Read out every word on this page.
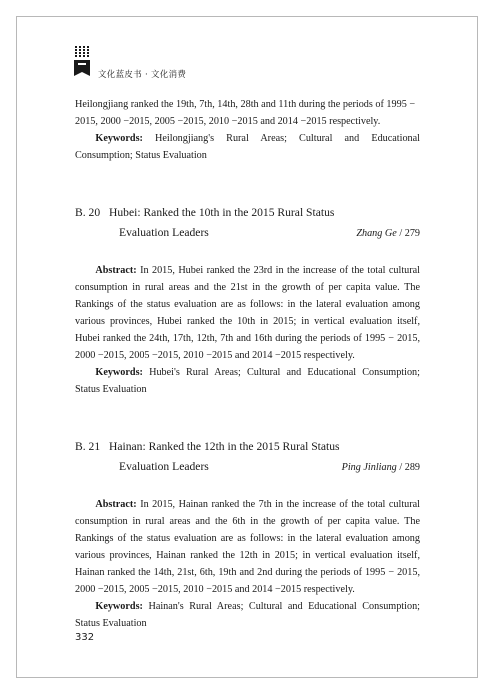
文化蓝皮书 · 文化消费

Heilongjiang ranked the 19th, 7th, 14th, 28th and 11th during the periods of 1995 −
2015, 2000 −2015, 2005 −2015, 2010 −2015 and 2014 −2015 respectively.

Keywords: Heilongjiang's Rural Areas; Cultural and Educational Consumption; Status Evaluation

B. 20 Hubei: Ranked the 10th in the 2015 Rural Status

Evaluation Leaders	Zhang Ge / 279

Abstract: In 2015, Hubei ranked the 23rd in the increase of the total cultural consumption in rural areas and the 21st in the growth of per capita value. The Rankings of the status evaluation are as follows: in the lateral evaluation among various provinces, Hubei ranked the 10th in 2015; in vertical evaluation itself, Hubei ranked the 24th, 17th, 12th, 7th and 16th during the periods of 1995 − 2015, 2000 −2015, 2005 −2015, 2010 −2015 and 2014 −2015 respectively.

Keywords: Hubei's Rural Areas; Cultural and Educational Consumption; Status Evaluation

B. 21 Hainan: Ranked the 12th in the 2015 Rural Status

Evaluation Leaders	Ping Jinliang / 289

Abstract: In 2015, Hainan ranked the 7th in the increase of the total cultural consumption in rural areas and the 6th in the growth of per capita value. The Rankings of the status evaluation are as follows: in the lateral evaluation among various provinces, Hainan ranked the 12th in 2015; in vertical evaluation itself, Hainan ranked the 14th, 21st, 6th, 19th and 2nd during the periods of 1995 − 2015, 2000 −2015, 2005 −2015, 2010 −2015 and 2014 −2015 respectively.

Keywords: Hainan's Rural Areas; Cultural and Educational Consumption; Status Evaluation

332
